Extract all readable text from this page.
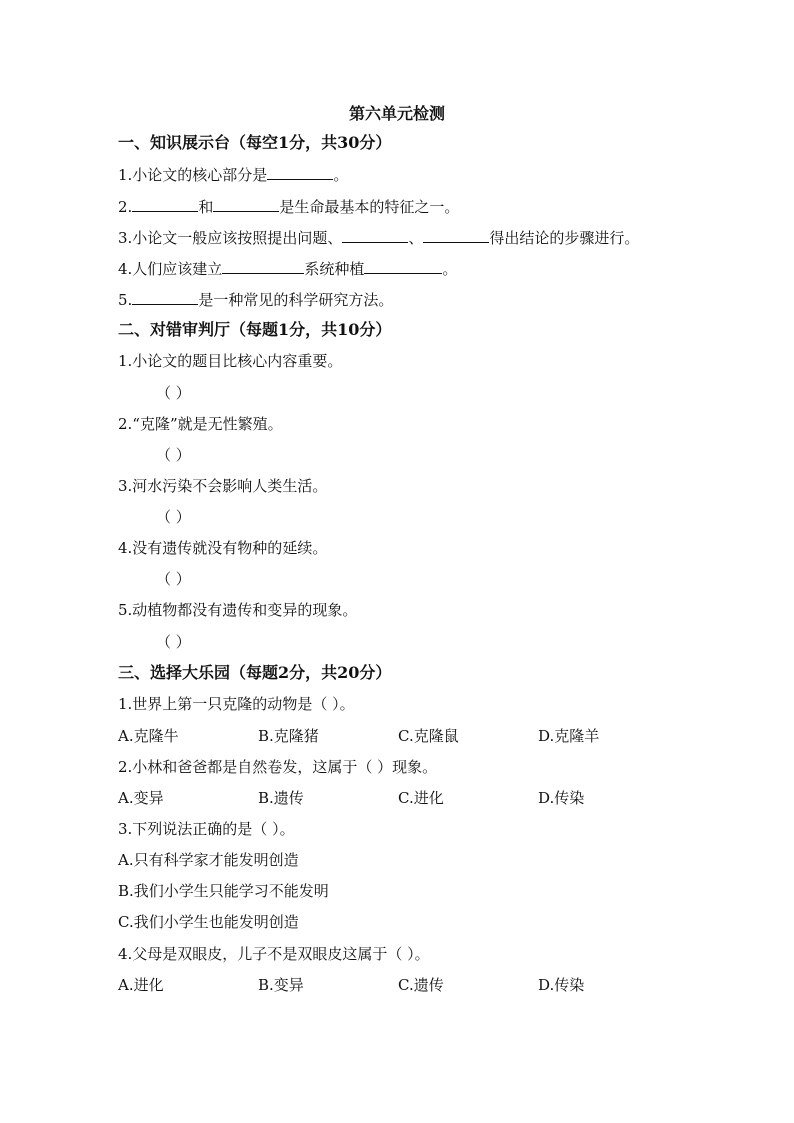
第六单元检测
一、知识展示台（每空1分，共30分）
1.小论文的核心部分是	。
2.	和	是生命最基本的特征之一。
3.小论文一般应该按照提出问题、	、	得出结论的步骤进行。
4.人们应该建立	系统种植	。
5.	是一种常见的科学研究方法。
二、对错审判厅（每题1分，共10分）
1.小论文的题目比核心内容重要。
（ ）
2.“克隆”就是无性繁殖。
（ ）
3.河水污染不会影响人类生活。
（ ）
4.没有遗传就没有物种的延续。
（ ）
5.动植物都没有遗传和变异的现象。
（ ）
三、选择大乐园（每题2分，共20分）
1.世界上第一只克隆的动物是（ ）。
A.克隆牛	B.克隆猪	C.克隆鼠	D.克隆羊
2.小林和爸爸都是自然卷发，这属于（ ）现象。
A.变异	B.遗传	C.进化	D.传染
3.下列说法正确的是（ ）。
A.只有科学家才能发明创造
B.我们小学生只能学习不能发明
C.我们小学生也能发明创造
4.父母是双眼皮，儿子不是双眼皮这属于（ ）。
A.进化	B.变异	C.遗传	D.传染
